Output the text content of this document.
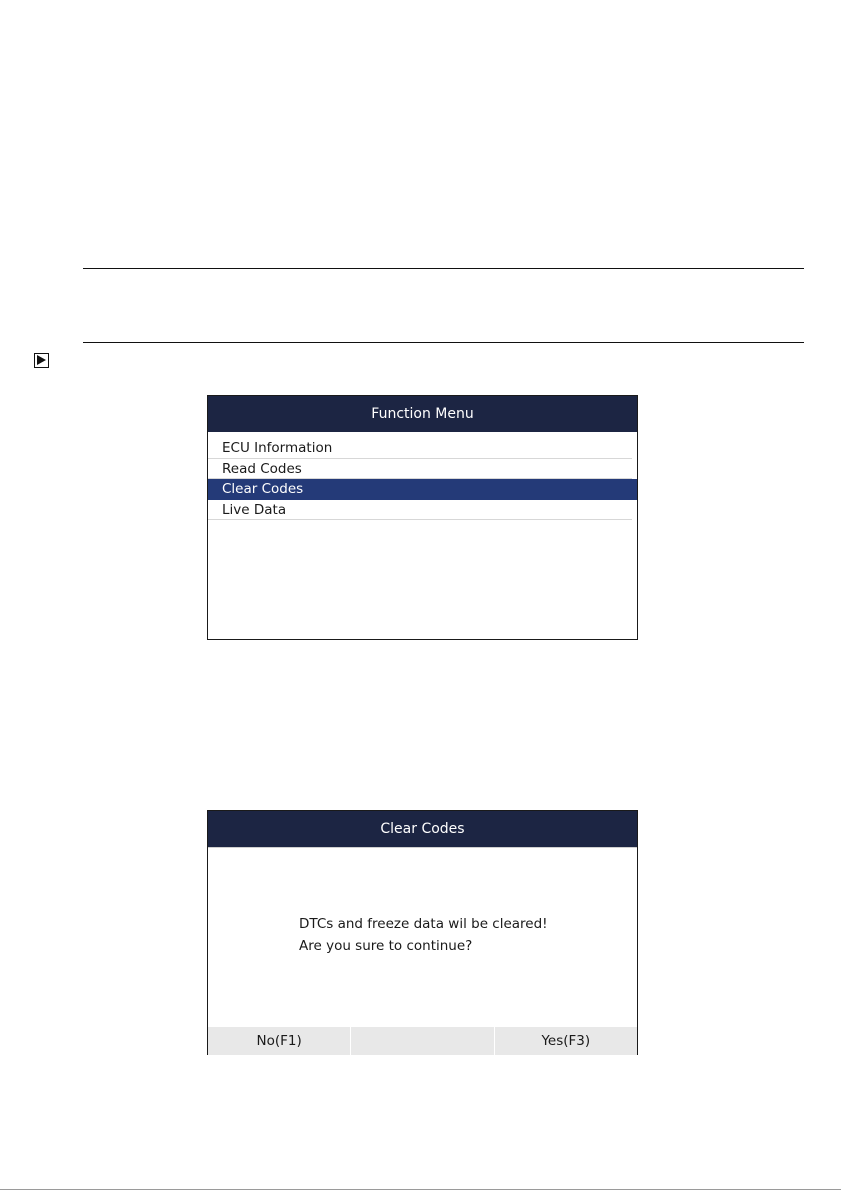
Function Menu
ECU Information
Read Codes
Clear Codes
Live Data
Clear Codes
DTCs and freeze data wil be cleared!
Are you sure to continue?
No(F1)	Yes(F3)
